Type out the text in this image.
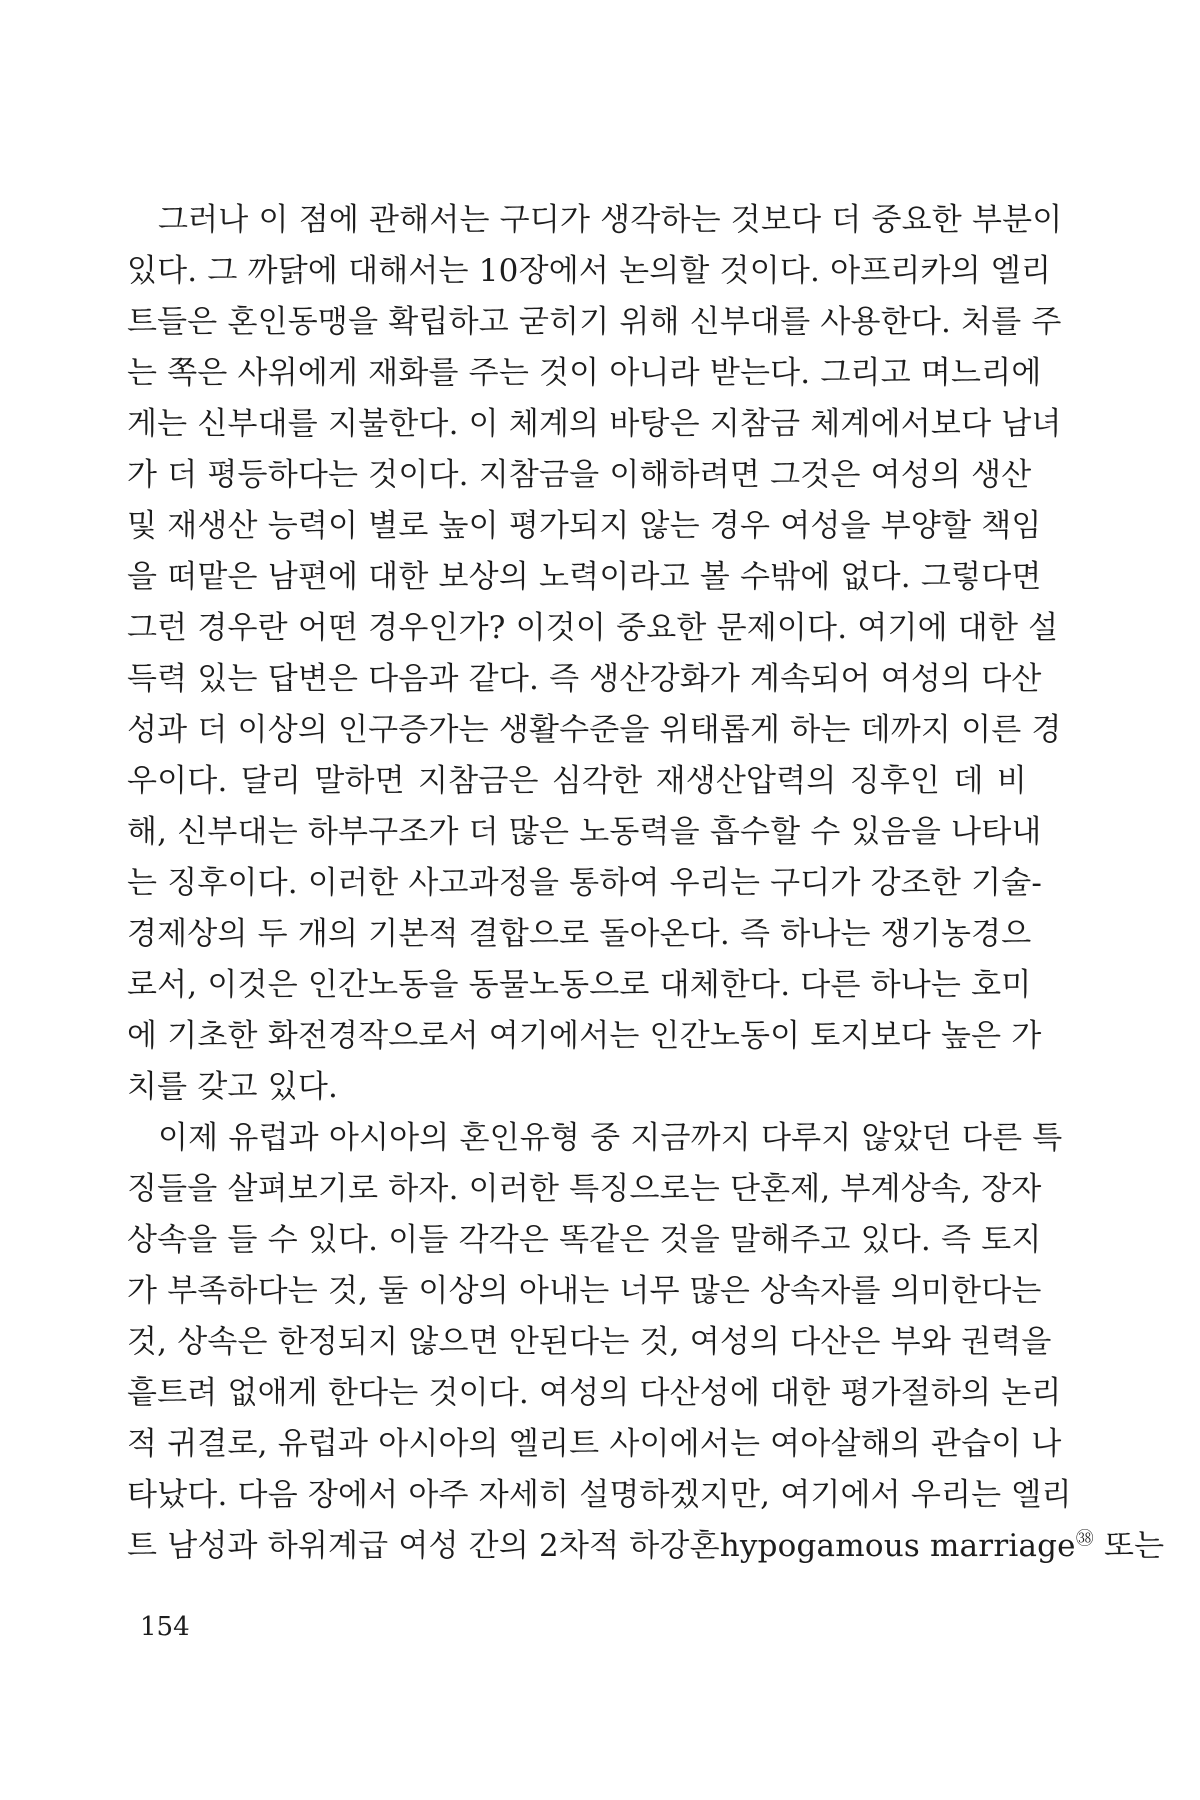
그러나 이 점에 관해서는 구디가 생각하는 것보다 더 중요한 부분이
있다. 그 까닭에 대해서는 10장에서 논의할 것이다. 아프리카의 엘리
트들은 혼인동맹을 확립하고 굳히기 위해 신부대를 사용한다. 처를 주
는 쪽은 사위에게 재화를 주는 것이 아니라 받는다. 그리고 며느리에
게는 신부대를 지불한다. 이 체계의 바탕은 지참금 체계에서보다 남녀
가 더 평등하다는 것이다. 지참금을 이해하려면 그것은 여성의 생산
및 재생산 능력이 별로 높이 평가되지 않는 경우 여성을 부양할 책임
을 떠맡은 남편에 대한 보상의 노력이라고 볼 수밖에 없다. 그렇다면
그런 경우란 어떤 경우인가? 이것이 중요한 문제이다. 여기에 대한 설
득력 있는 답변은 다음과 같다. 즉 생산강화가 계속되어 여성의 다산
성과 더 이상의 인구증가는 생활수준을 위태롭게 하는 데까지 이른 경
우이다. 달리 말하면 지참금은 심각한 재생산압력의 징후인 데 비
해, 신부대는 하부구조가 더 많은 노동력을 흡수할 수 있음을 나타내
는 징후이다. 이러한 사고과정을 통하여 우리는 구디가 강조한 기술-
경제상의 두 개의 기본적 결합으로 돌아온다. 즉 하나는 쟁기농경으
로서, 이것은 인간노동을 동물노동으로 대체한다. 다른 하나는 호미
에 기초한 화전경작으로서 여기에서는 인간노동이 토지보다 높은 가
치를 갖고 있다.
이제 유럽과 아시아의 혼인유형 중 지금까지 다루지 않았던 다른 특
징들을 살펴보기로 하자. 이러한 특징으로는 단혼제, 부계상속, 장자
상속을 들 수 있다. 이들 각각은 똑같은 것을 말해주고 있다. 즉 토지
가 부족하다는 것, 둘 이상의 아내는 너무 많은 상속자를 의미한다는
것, 상속은 한정되지 않으면 안된다는 것, 여성의 다산은 부와 권력을
흩트려 없애게 한다는 것이다. 여성의 다산성에 대한 평가절하의 논리
적 귀결로, 유럽과 아시아의 엘리트 사이에서는 여아살해의 관습이 나
타났다. 다음 장에서 아주 자세히 설명하겠지만, 여기에서 우리는 엘리
트 남성과 하위계급 여성 간의 2차적 하강혼hypogamous marriage$^㊳$ 또는
154
